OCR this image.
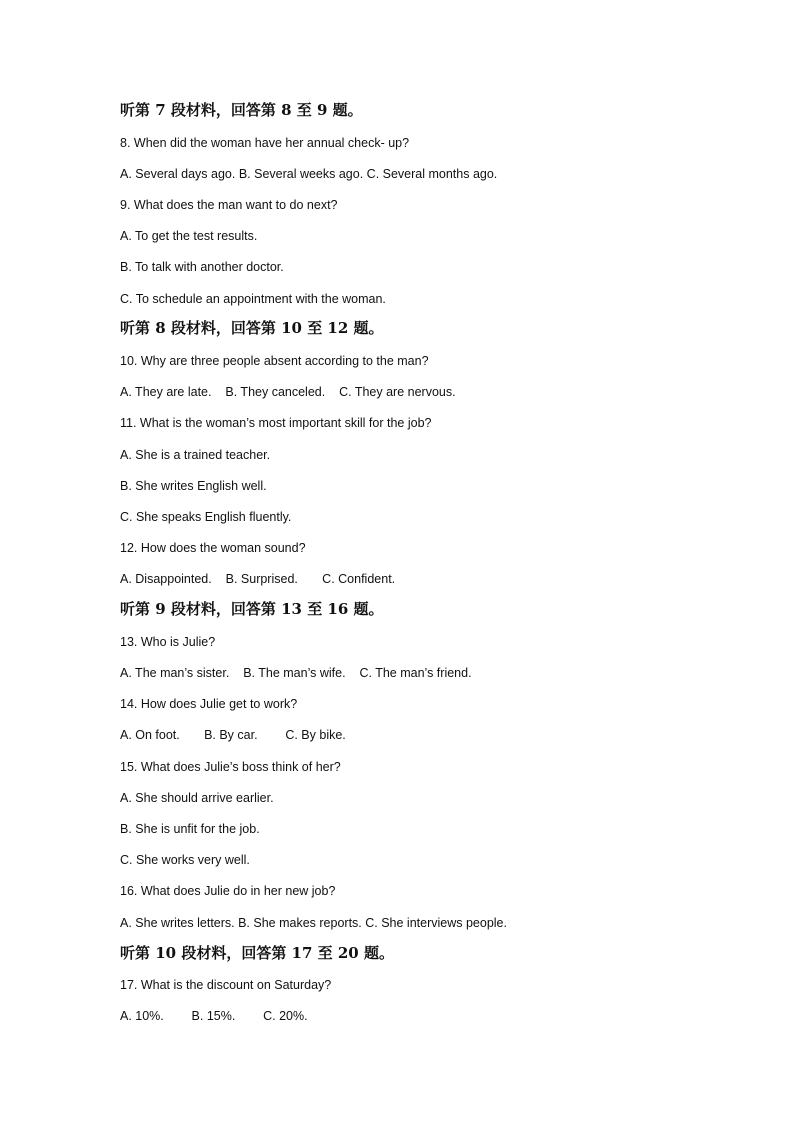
听第 7 段材料，回答第 8 至 9 题。
8. When did the woman have her annual check- up?
A. Several days ago. B. Several weeks ago. C. Several months ago.
9. What does the man want to do next?
A. To get the test results.
B. To talk with another doctor.
C. To schedule an appointment with the woman.
听第 8 段材料，回答第 10 至 12 题。
10. Why are three people absent according to the man?
A. They are late.    B. They canceled.    C. They are nervous.
11. What is the woman’s most important skill for the job?
A. She is a trained teacher.
B. She writes English well.
C. She speaks English fluently.
12. How does the woman sound?
A. Disappointed.    B. Surprised.       C. Confident.
听第 9 段材料，回答第 13 至 16 题。
13. Who is Julie?
A. The man’s sister.    B. The man’s wife.    C. The man’s friend.
14. How does Julie get to work?
A. On foot.       B. By car.        C. By bike.
15. What does Julie’s boss think of her?
A. She should arrive earlier.
B. She is unfit for the job.
C. She works very well.
16. What does Julie do in her new job?
A. She writes letters. B. She makes reports. C. She interviews people.
听第 10 段材料，回答第 17 至 20 题。
17. What is the discount on Saturday?
A. 10%.        B. 15%.        C. 20%.
